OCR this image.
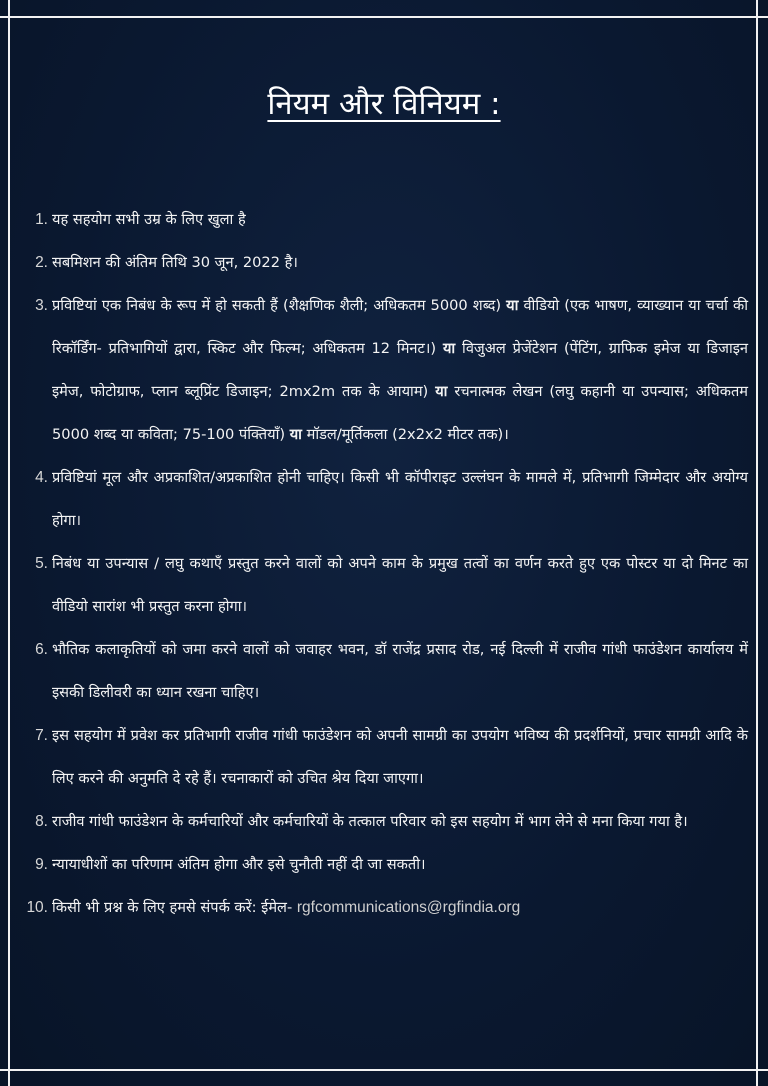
नियम और विनियम :
1. यह सहयोग सभी उम्र के लिए खुला है
2. सबमिशन की अंतिम तिथि 30 जून, 2022 है।
3. प्रविष्टियां एक निबंध के रूप में हो सकती हैं (शैक्षणिक शैली; अधिकतम 5000 शब्द) या वीडियो (एक भाषण, व्याख्यान या चर्चा की रिकॉर्डिंग- प्रतिभागियों द्वारा, स्किट और फिल्म; अधिकतम 12 मिनट।) या विजुअल प्रेजेंटेशन (पेंटिंग, ग्राफिक इमेज या डिजाइन इमेज, फोटोग्राफ, प्लान ब्लूप्रिंट डिजाइन; 2mx2m तक के आयाम) या रचनात्मक लेखन (लघु कहानी या उपन्यास; अधिकतम 5000 शब्द या कविता; 75-100 पंक्तियाँ) या मॉडल/मूर्तिकला (2x2x2 मीटर तक)।
4. प्रविष्टियां मूल और अप्रकाशित/अप्रकाशित होनी चाहिए। किसी भी कॉपीराइट उल्लंघन के मामले में, प्रतिभागी जिम्मेदार और अयोग्य होगा।
5. निबंध या उपन्यास / लघु कथाएँ प्रस्तुत करने वालों को अपने काम के प्रमुख तत्वों का वर्णन करते हुए एक पोस्टर या दो मिनट का वीडियो सारांश भी प्रस्तुत करना होगा।
6. भौतिक कलाकृतियों को जमा करने वालों को जवाहर भवन, डॉ राजेंद्र प्रसाद रोड, नई दिल्ली में राजीव गांधी फाउंडेशन कार्यालय में इसकी डिलीवरी का ध्यान रखना चाहिए।
7. इस सहयोग में प्रवेश कर प्रतिभागी राजीव गांधी फाउंडेशन को अपनी सामग्री का उपयोग भविष्य की प्रदर्शनियों, प्रचार सामग्री आदि के लिए करने की अनुमति दे रहे हैं। रचनाकारों को उचित श्रेय दिया जाएगा।
8. राजीव गांधी फाउंडेशन के कर्मचारियों और कर्मचारियों के तत्काल परिवार को इस सहयोग में भाग लेने से मना किया गया है।
9. न्यायाधीशों का परिणाम अंतिम होगा और इसे चुनौती नहीं दी जा सकती।
10. किसी भी प्रश्न के लिए हमसे संपर्क करें: ईमेल- rgfcommunications@rgfindia.org
